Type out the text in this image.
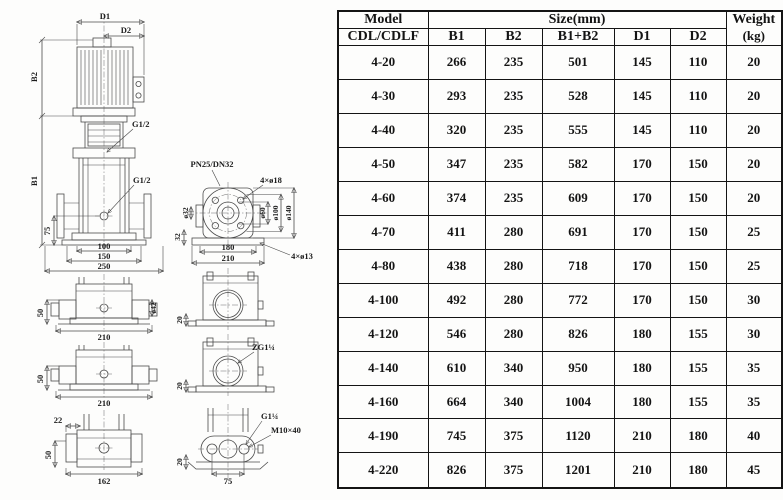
D1
D2
G1/2
G1/2
B2
B1
75
100
150
250
PN25/DN32
4×ø18
ø32	ø60 ø100 ø140
32
180
210	4×ø13
50
210
ø42
50
210
22
50
162
20
ZG1¼
20
G1¼
M10×40
20
75
Model	Size(mm)					Weight
(kg)
CDL/CDLF	B1	B2	B1+B2	D1	D2	
4-20	266	235	501	145	110	20
4-30	293	235	528	145	110	20
4-40	320	235	555	145	110	20
4-50	347	235	582	170	150	20
4-60	374	235	609	170	150	20
4-70	411	280	691	170	150	25
4-80	438	280	718	170	150	25
4-100	492	280	772	170	150	30
4-120	546	280	826	180	155	30
4-140	610	340	950	180	155	35
4-160	664	340	1004	180	155	35
4-190	745	375	1120	210	180	40
4-220	826	375	1201	210	180	45
